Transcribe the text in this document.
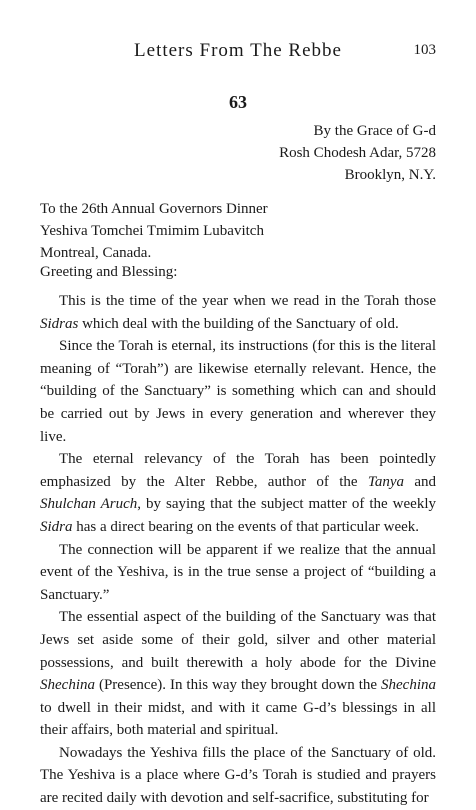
Letters From The Rebbe	103
63
By the Grace of G-d
Rosh Chodesh Adar, 5728
Brooklyn, N.Y.
To the 26th Annual Governors Dinner
Yeshiva Tomchei Tmimim Lubavitch
Montreal, Canada.
Greeting and Blessing:

This is the time of the year when we read in the Torah those Sidras which deal with the building of the Sanctuary of old.

Since the Torah is eternal, its instructions (for this is the literal meaning of “Torah”) are likewise eternally relevant. Hence, the “building of the Sanctuary” is something which can and should be carried out by Jews in every generation and wherever they live.

The eternal relevancy of the Torah has been pointedly emphasized by the Alter Rebbe, author of the Tanya and Shulchan Aruch, by saying that the subject matter of the weekly Sidra has a direct bearing on the events of that particular week.

The connection will be apparent if we realize that the annual event of the Yeshiva, is in the true sense a project of “building a Sanctuary.”

The essential aspect of the building of the Sanctuary was that Jews set aside some of their gold, silver and other material possessions, and built therewith a holy abode for the Divine Shechina (Presence). In this way they brought down the Shechina to dwell in their midst, and with it came G-d’s blessings in all their affairs, both material and spiritual.

Nowadays the Yeshiva fills the place of the Sanctuary of old. The Yeshiva is a place where G-d’s Torah is studied and prayers are recited daily with devotion and self-sacrifice, substituting for
